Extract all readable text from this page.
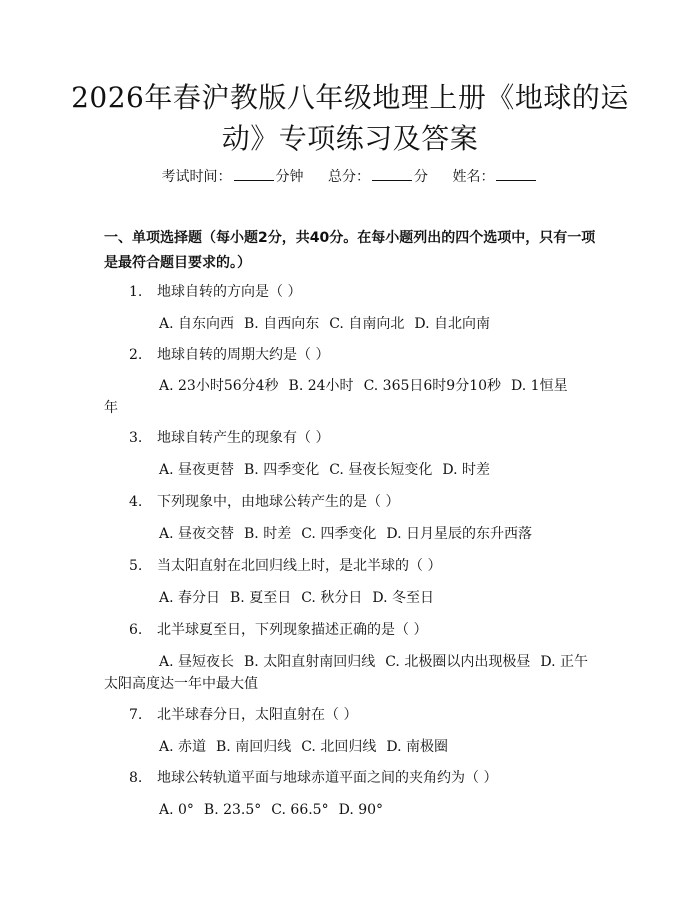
2026年春沪教版八年级地理上册《地球的运
动》专项练习及答案
考试时间：	分钟 总分：	分 姓名：
一、单项选择题（每小题2分，共40分。在每小题列出的四个选项中，只有一项
是最符合题目要求的。）
1. 地球自转的方向是（ ）
A. 自东向西 B. 自西向东 C. 自南向北 D. 自北向南
2. 地球自转的周期大约是（ ）
A. 23小时56分4秒 B. 24小时 C. 365日6时9分10秒 D. 1恒星
年
3. 地球自转产生的现象有（ ）
A. 昼夜更替 B. 四季变化 C. 昼夜长短变化 D. 时差
4. 下列现象中，由地球公转产生的是（ ）
A. 昼夜交替 B. 时差 C. 四季变化 D. 日月星辰的东升西落
5. 当太阳直射在北回归线上时，是北半球的（ ）
A. 春分日 B. 夏至日 C. 秋分日 D. 冬至日
6. 北半球夏至日，下列现象描述正确的是（ ）
A. 昼短夜长 B. 太阳直射南回归线 C. 北极圈以内出现极昼 D. 正午
太阳高度达一年中最大值
7. 北半球春分日，太阳直射在（ ）
A. 赤道 B. 南回归线 C. 北回归线 D. 南极圈
8. 地球公转轨道平面与地球赤道平面之间的夹角约为（ ）
A. 0° B. 23.5° C. 66.5° D. 90°
